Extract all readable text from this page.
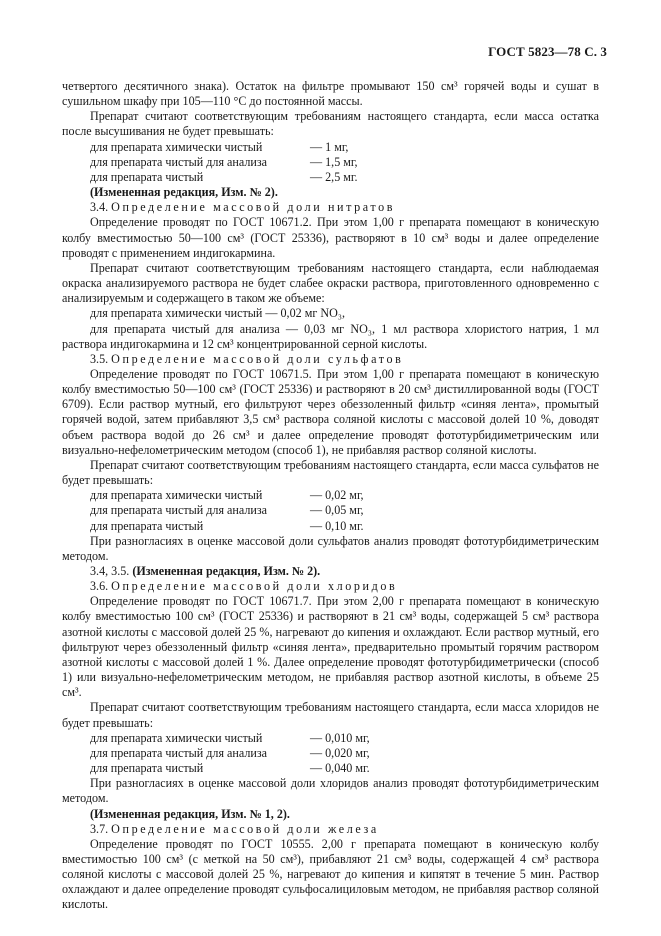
ГОСТ 5823—78 С. 3

четвертого десятичного знака). Остаток на фильтре промывают 150 см³ горячей воды и сушат в сушильном шкафу при 105—110 °С до постоянной массы.

Препарат считают соответствующим требованиям настоящего стандарта, если масса остатка после высушивания не будет превышать:

для препарата химически чистый	— 1 мг,
для препарата чистый для анализа	— 1,5 мг,
для препарата чистый	— 2,5 мг.

(Измененная редакция, Изм. № 2).

3.4. Определение массовой доли нитратов

Определение проводят по ГОСТ 10671.2. При этом 1,00 г препарата помещают в коническую колбу вместимостью 50—100 см³ (ГОСТ 25336), растворяют в 10 см³ воды и далее определение проводят с применением индигокармина.

Препарат считают соответствующим требованиям настоящего стандарта, если наблюдаемая окраска анализируемого раствора не будет слабее окраски раствора, приготовленного одновременно с анализируемым и содержащего в таком же объеме:

для препарата химически чистый — 0,02 мг NO₃,

для препарата чистый для анализа — 0,03 мг NO₃, 1 мл раствора хлористого натрия, 1 мл раствора индигокармина и 12 см³ концентрированной серной кислоты.

3.5. Определение массовой доли сульфатов

Определение проводят по ГОСТ 10671.5. При этом 1,00 г препарата помещают в коническую колбу вместимостью 50—100 см³ (ГОСТ 25336) и растворяют в 20 см³ дистиллированной воды (ГОСТ 6709). Если раствор мутный, его фильтруют через обеззоленный фильтр «синяя лента», промытый горячей водой, затем прибавляют 3,5 см³ раствора соляной кислоты с массовой долей 10 %, доводят объем раствора водой до 26 см³ и далее определение проводят фототурбидиметрическим или визуально-нефелометрическим методом (способ 1), не прибавляя раствор соляной кислоты.

Препарат считают соответствующим требованиям настоящего стандарта, если масса сульфатов не будет превышать:

для препарата химически чистый	— 0,02 мг,
для препарата чистый для анализа	— 0,05 мг,
для препарата чистый	— 0,10 мг.

При разногласиях в оценке массовой доли сульфатов анализ проводят фототурбидиметрическим методом.

3.4, 3.5. (Измененная редакция, Изм. № 2).

3.6. Определение массовой доли хлоридов

Определение проводят по ГОСТ 10671.7. При этом 2,00 г препарата помещают в коническую колбу вместимостью 100 см³ (ГОСТ 25336) и растворяют в 21 см³ воды, содержащей 5 см³ раствора азотной кислоты с массовой долей 25 %, нагревают до кипения и охлаждают. Если раствор мутный, его фильтруют через обеззоленный фильтр «синяя лента», предварительно промытый горячим раствором азотной кислоты с массовой долей 1 %. Далее определение проводят фототурбидиметрически (способ 1) или визуально-нефелометрическим методом, не прибавляя раствор азотной кислоты, в объеме 25 см³.

Препарат считают соответствующим требованиям настоящего стандарта, если масса хлоридов не будет превышать:

для препарата химически чистый	— 0,010 мг,
для препарата чистый для анализа	— 0,020 мг,
для препарата чистый	— 0,040 мг.

При разногласиях в оценке массовой доли хлоридов анализ проводят фототурбидиметрическим методом.

(Измененная редакция, Изм. № 1, 2).

3.7. Определение массовой доли железа

Определение проводят по ГОСТ 10555. 2,00 г препарата помещают в коническую колбу вместимостью 100 см³ (с меткой на 50 см³), прибавляют 21 см³ воды, содержащей 4 см³ раствора соляной кислоты с массовой долей 25 %, нагревают до кипения и кипятят в течение 5 мин. Раствор охлаждают и далее определение проводят сульфосалициловым методом, не прибавляя раствор соляной кислоты.
